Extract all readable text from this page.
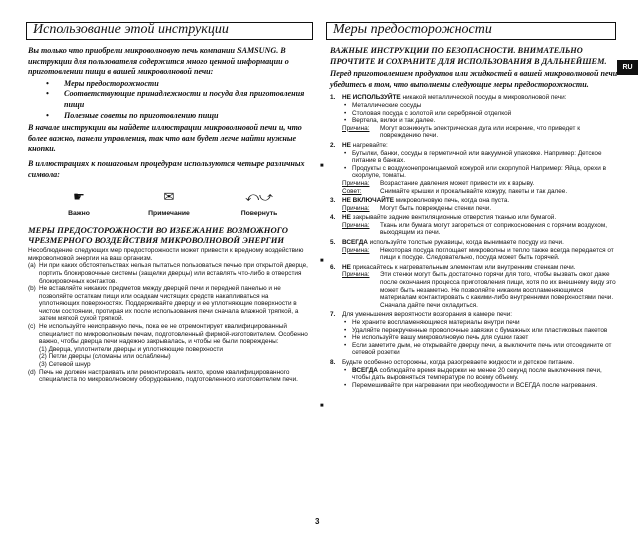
Использование этой инструкции

Вы только что приобрели микроволновую печь компании SAMSUNG. В инструкции для пользователя содержится много ценной информации о приготовлении пищи в вашей микроволновой печи:

• Меры предосторожности
• Соответствующие принадлежности и посуда для приготовления пищи
• Полезные советы по приготовлению пищи

В начале инструкции вы найдете иллюстрации микроволновой печи и, что более важно, панели управления, так что вам будет легче найти нужные кнопки.

В иллюстрациях к пошаговым процедурам используются четыре различных символа:

☛
Важно
✉
Примечание
⤺⤻
Повернуть
МЕРЫ ПРЕДОСТОРОЖНОСТИ ВО ИЗБЕЖАНИЕ ВОЗМОЖНОГО ЧРЕЗМЕРНОГО ВОЗДЕЙСТВИЯ МИКРОВОЛНОВОЙ ЭНЕРГИИ
Несоблюдение следующих мер предосторожности может привести к вредному воздействию микроволновой энергии на ваш организм.
(a) Ни при каких обстоятельствах нельзя пытаться пользоваться печью при открытой дверце, портить блокировочные системы (защелки дверцы) или вставлять что-либо в отверстия блокировочных контактов.
(b) Не вставляйте никаких предметов между дверцей печи и передней панелью и не позволяйте остаткам пищи или осадкам чистящих средств накапливаться на уплотняющих поверхностях. Поддерживайте дверцу и ее уплотняющие поверхности в чистом состоянии, протирая их после использования печи сначала влажной тряпкой, а затем мягкой сухой тряпкой.
(c) Не используйте неисправную печь, пока ее не отремонтирует квалифицированный специалист по микроволновым печам, подготовленный фирмой-изготовителем. Особенно важно, чтобы дверца печи надежно закрывалась, и чтобы не были повреждены:
(1) Дверца, уплотнители дверцы и уплотняющие поверхности
(2) Петли дверцы (сломаны или ослаблены)
(3) Сетевой шнур
(d) Печь не должен настраивать или ремонтировать никто, кроме квалифицированного специалиста по микроволновому оборудованию, подготовленного изготовителем печи.
Меры предосторожности
RU

ВАЖНЫЕ ИНСТРУКЦИИ ПО БЕЗОПАСНОСТИ. ВНИМАТЕЛЬНО ПРОЧТИТЕ И СОХРАНИТЕ ДЛЯ ИСПОЛЬЗОВАНИЯ В ДАЛЬНЕЙШЕМ.

Перед приготовлением продуктов или жидкостей в вашей микроволновой печи убедитесь в том, что выполнены следующие меры предосторожности.

1.	НЕ ИСПОЛЬЗУЙТЕ никакой металлической посуды в микроволновой печи:
• Металлические сосуды
• Столовая посуда с золотой или серебряной отделкой
• Вертела, вилки и так далее.
Причина:	Могут возникнуть электрическая дуга или искрение, что приведет к повреждению печи.
2.	НЕ нагревайте:
• Бутылки, банки, сосуды в герметичной или вакуумной упаковке. Например: Детское питание в банках.
• Продукты с воздухонепроницаемой кожурой или скорлупой Например: Яйца, орехи в скорлупе, томаты.
Причина:	Возрастание давления может привести их к взрыву.
Совет:	Снимайте крышки и прокалывайте кожуру, пакеты и так далее.
3.	НЕ ВКЛЮЧАЙТЕ микроволновую печь, когда она пуста.
Причина:	Могут быть повреждены стенки печи.
4.	НЕ закрывайте задние вентиляционные отверстия тканью или бумагой.
Причина:	Ткань или бумага могут загореться от соприкосновения с горячим воздухом, выходящим из печи.
5.	ВСЕГДА используйте толстые рукавицы, когда вынимаете посуду из печи.
Причина:	Некоторая посуда поглощает микроволны и тепло также всегда передается от пищи к посуде. Следовательно, посуда может быть горячей.
6.	НЕ прикасайтесь к нагревательным элементам или внутренним стенкам печи.
Причина:	Эти стенки могут быть достаточно горячи для того, чтобы вызвать ожог даже после окончания процесса приготовления пищи, хотя по их внешнему виду это может быть незаметно. Не позволяйте никаким воспламеняющимся материалам контактировать с какими-либо внутренними поверхностями печи. Сначала дайте печи охладиться.
7.	Для уменьшения вероятности возгорания в камере печи:
• Не храните воспламеняющиеся материалы внутри печи
• Удаляйте перекрученные проволочные завязки с бумажных или пластиковых пакетов
• Не используйте вашу микроволновую печь для сушки газет
• Если заметите дым, не открывайте дверцу печи, а выключите печь или отсоедините от сетевой розетки
8.	Будьте особенно осторожны, когда разогреваете жидкости и детское питание.
• ВСЕГДА соблюдайте время выдержки не менее 20 секунд после выключения печи, чтобы дать выровняться температуре по всему объему.
• Перемешивайте при нагревании при необходимости и ВСЕГДА после нагревания.
■
■
■
3
